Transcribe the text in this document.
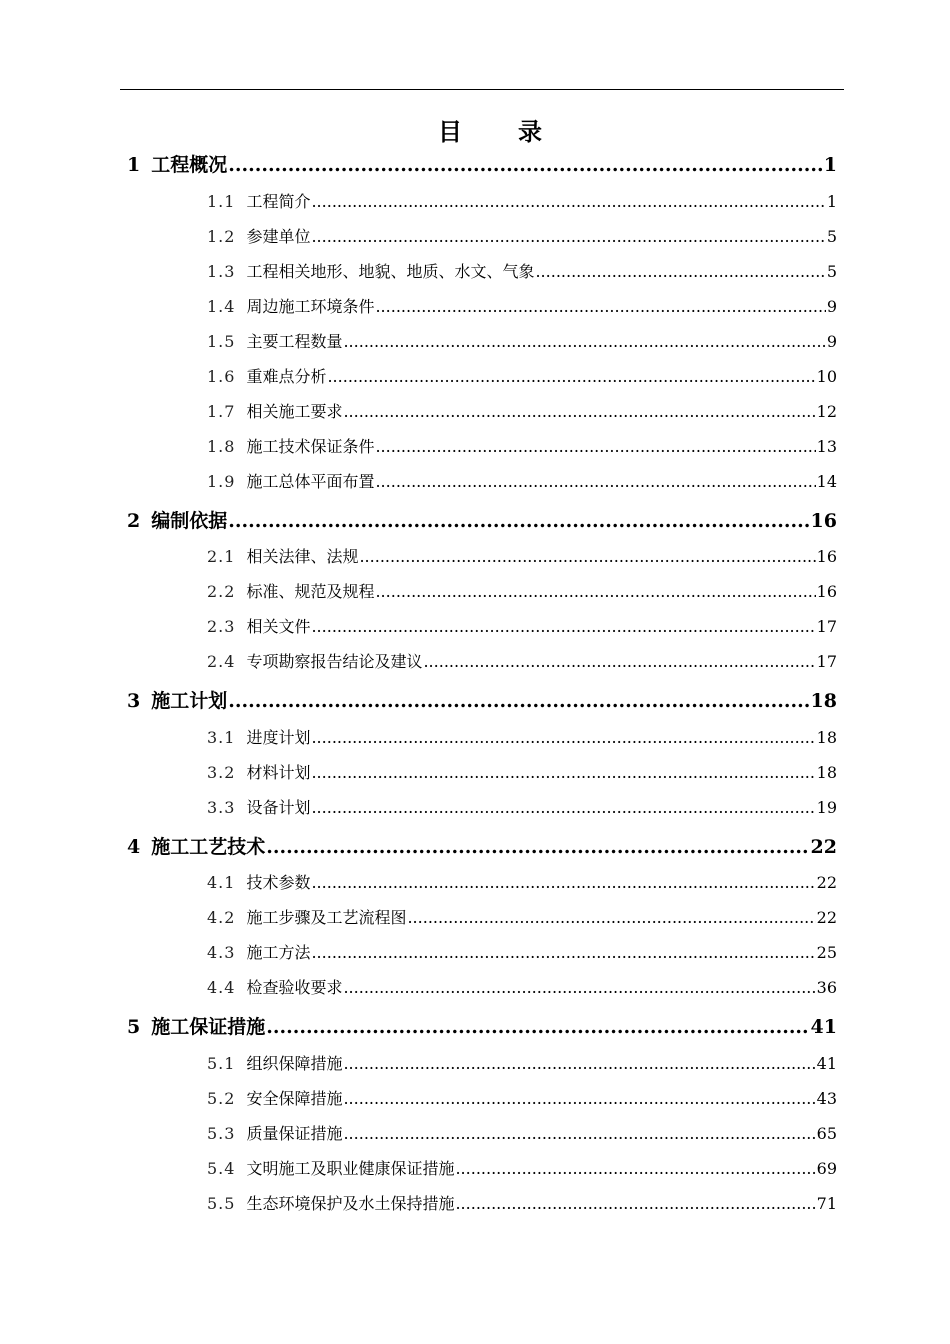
目 录
1 工程概况 .....	1
1.1 工程简介 .....	1
1.2 参建单位 .....	5
1.3 工程相关地形、地貌、地质、水文、气象 .....	5
1.4 周边施工环境条件 .....	9
1.5 主要工程数量 .....	9
1.6 重难点分析 .....	10
1.7 相关施工要求 .....	12
1.8 施工技术保证条件 .....	13
1.9 施工总体平面布置 .....	14
2 编制依据 .....	16
2.1 相关法律、法规 .....	16
2.2 标准、规范及规程 .....	16
2.3 相关文件 .....	17
2.4 专项勘察报告结论及建议 .....	17
3 施工计划 .....	18
3.1 进度计划 .....	18
3.2 材料计划 .....	18
3.3 设备计划 .....	19
4 施工工艺技术 .....	22
4.1 技术参数 .....	22
4.2 施工步骤及工艺流程图 .....	22
4.3 施工方法 .....	25
4.4 检查验收要求 .....	36
5 施工保证措施 .....	41
5.1 组织保障措施 .....	41
5.2 安全保障措施 .....	43
5.3 质量保证措施 .....	65
5.4 文明施工及职业健康保证措施 .....	69
5.5 生态环境保护及水土保持措施 .....	71
